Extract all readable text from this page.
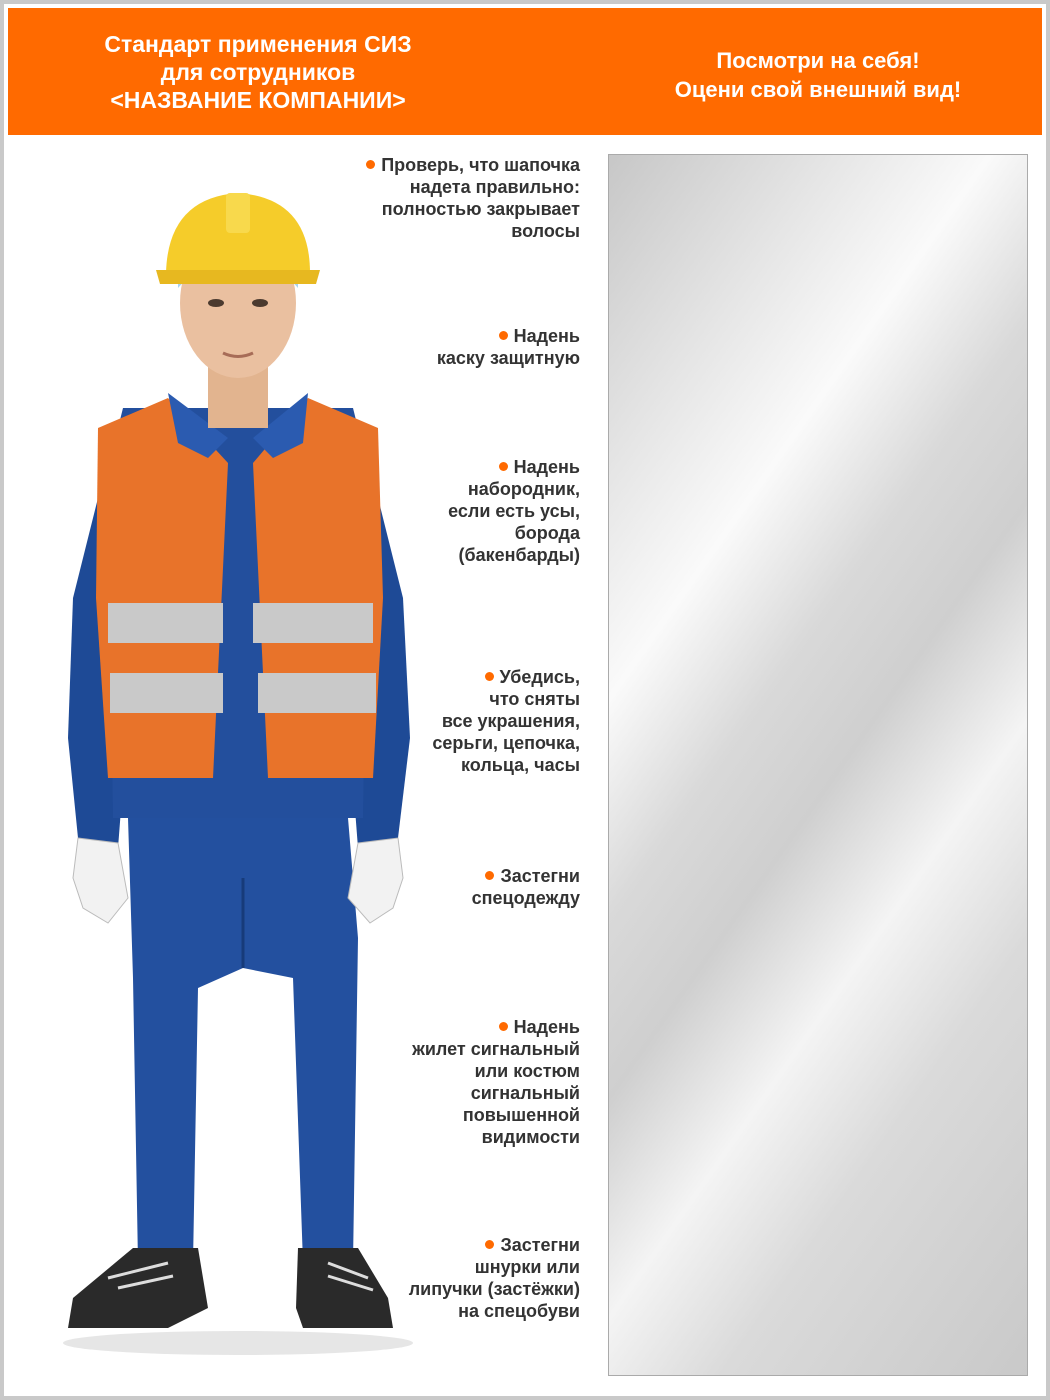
Стандарт применения СИЗ
для сотрудников
<НАЗВАНИЕ КОМПАНИИ>
Посмотри на себя!
Оцени свой внешний вид!
Проверь, что шапочка
надета правильно:
полностью закрывает
волосы
Надень
каску защитную
Надень
набородник,
если есть усы,
борода
(бакенбарды)
Убедись,
что сняты
все украшения,
серьги, цепочка,
кольца, часы
Застегни
спецодежду
Надень
жилет сигнальный
или костюм
сигнальный
повышенной
видимости
Застегни
шнурки или
липучки (застёжки)
на спецобуви
